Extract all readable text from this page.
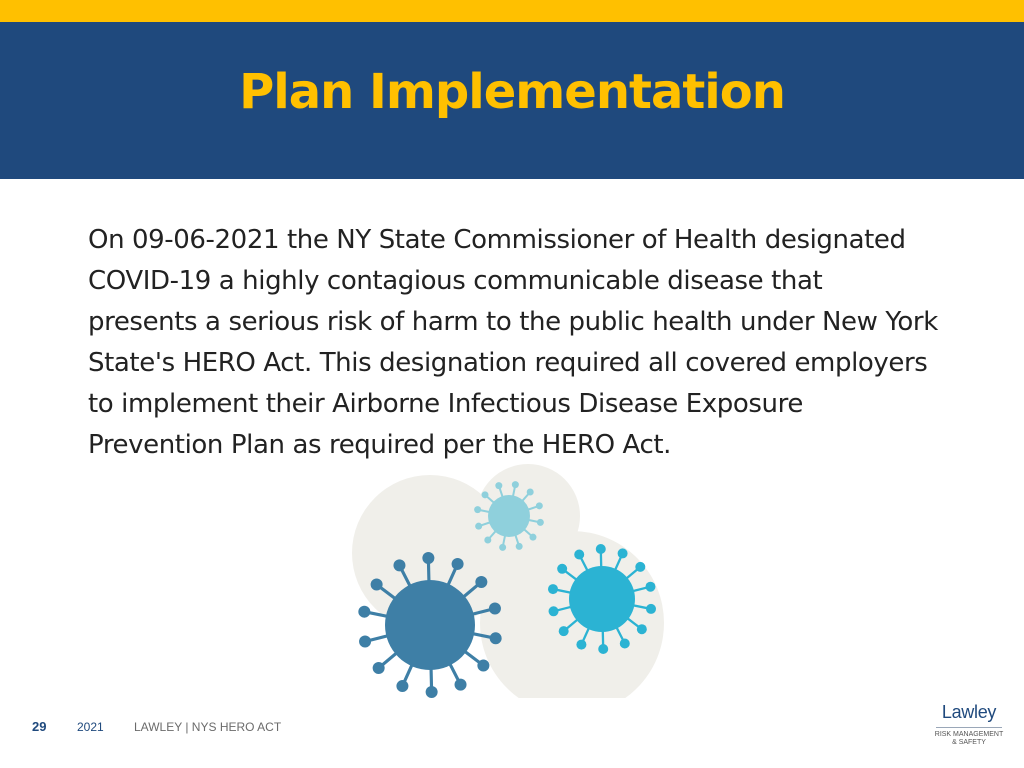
Plan Implementation

On 09-06-2021 the NY State Commissioner of Health designated COVID-19 a highly contagious communicable disease that presents a serious risk of harm to the public health under New York State's HERO Act. This designation required all covered employers to implement their Airborne Infectious Disease Exposure Prevention Plan as required per the HERO Act.

29	2021	LAWLEY | NYS HERO ACT
Lawley
RISK MANAGEMENT
& SAFETY
